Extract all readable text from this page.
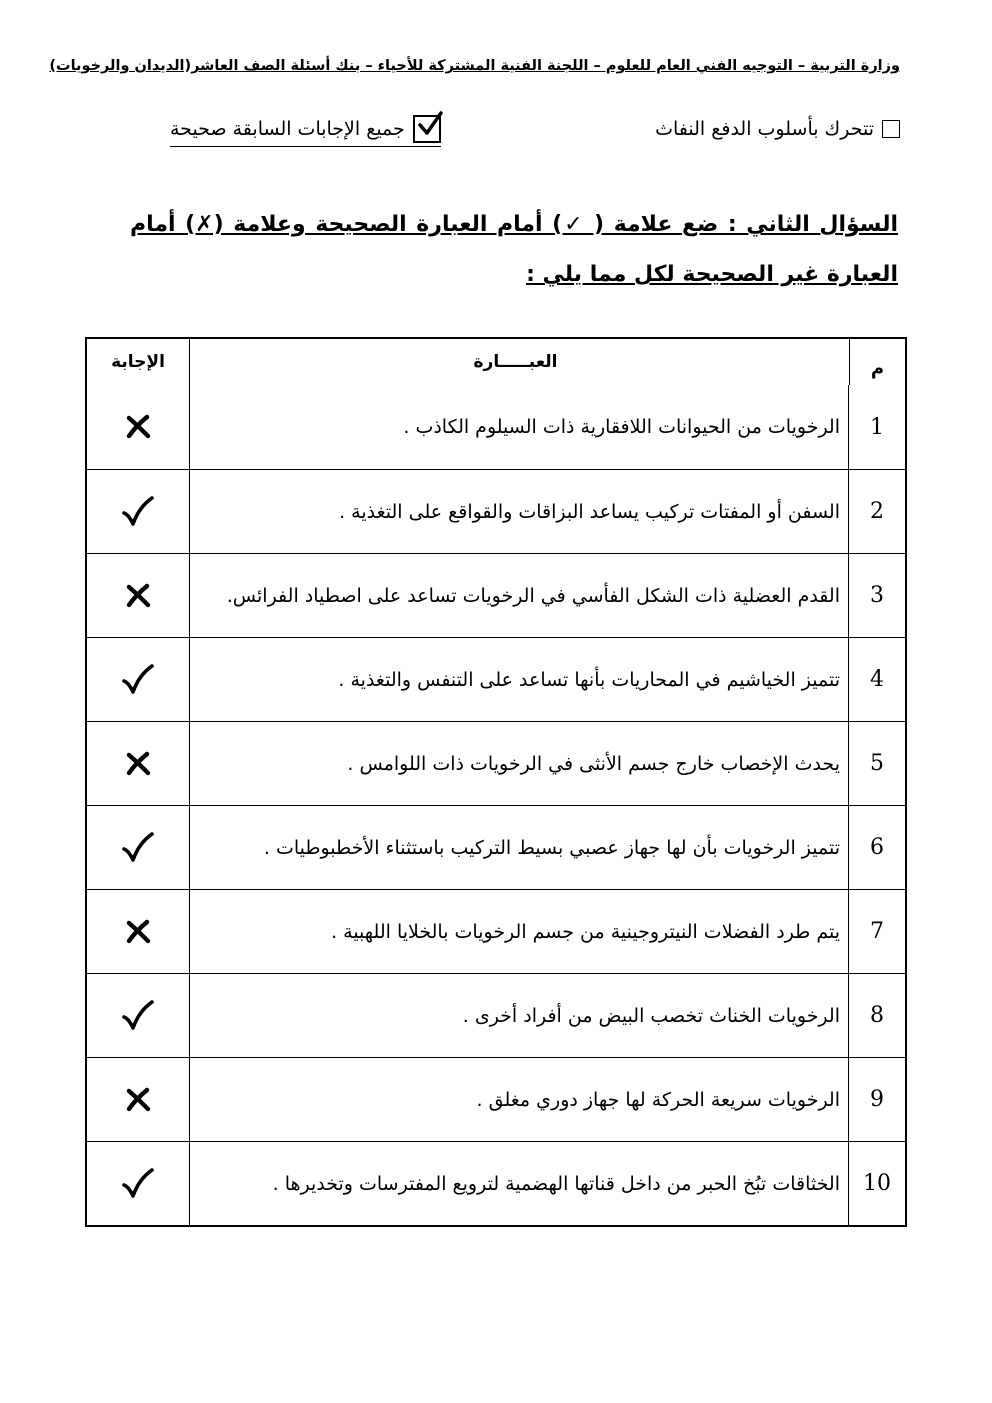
وزارة التربية – التوجيه الفني العام للعلوم – اللجنة الفنية المشتركة للأحياء – بنك أسئلة الصف العاشر(الديدان والرخويات)
تتحرك بأسلوب الدفع النفاث
جميع الإجابات السابقة صحيحة
السؤال الثاني : ضع علامة ( ✓) أمام العبارة الصحيحة وعلامة (✗) أمام العبارة غير الصحيحة لكل مما يلي :
م
العبـــــارة
الإجابة
1
الرخويات من الحيوانات اللافقارية ذات السيلوم الكاذب .
2
السفن أو المفتات تركيب يساعد البزاقات والقواقع على التغذية .
3
القدم العضلية ذات الشكل الفأسي في الرخويات تساعد على اصطياد الفرائس.
4
تتميز الخياشيم في المحاريات بأنها تساعد على التنفس والتغذية .
5
يحدث الإخصاب خارج جسم الأنثى في الرخويات ذات اللوامس .
6
تتميز الرخويات بأن لها جهاز عصبي بسيط التركيب باستثناء الأخطبوطيات .
7
يتم طرد الفضلات النيتروجينية من جسم الرخويات بالخلايا اللهبية .
8
الرخويات الخناث تخصب البيض من أفراد أخرى .
9
الرخويات سريعة الحركة لها جهاز دوري مغلق .
10
الخثاقات تبُخ الحبر من داخل قناتها الهضمية لترويع المفترسات وتخديرها .
